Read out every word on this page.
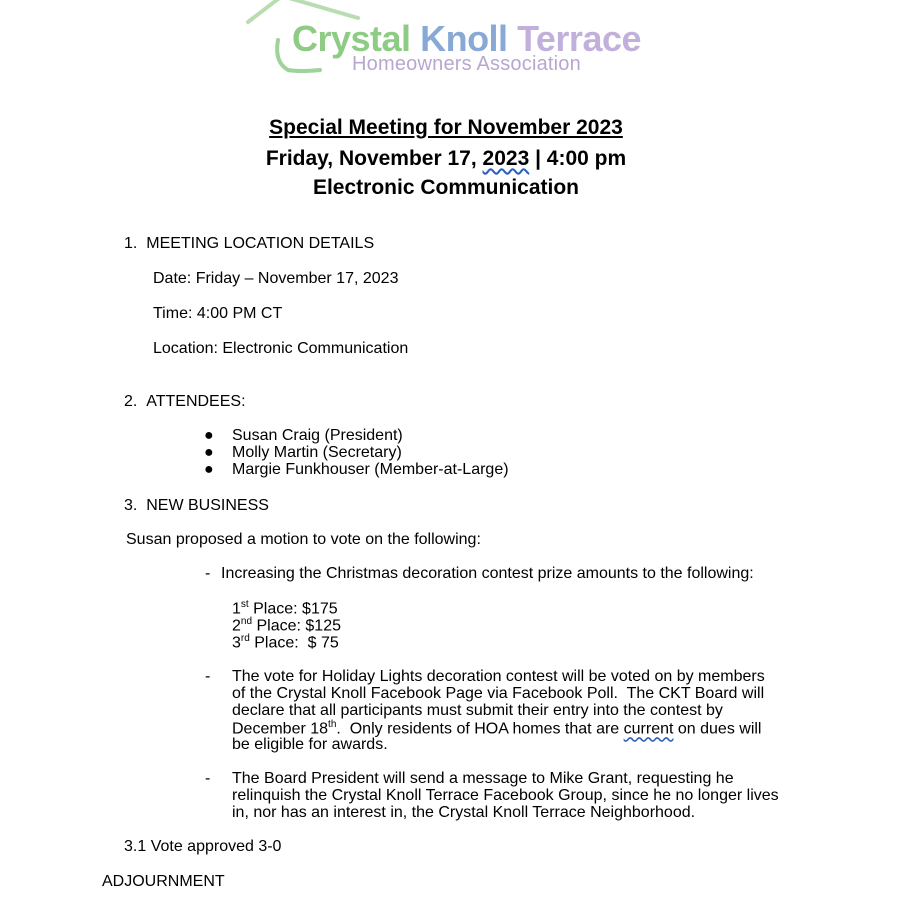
Crystal Knoll Terrace
Homeowners Association
Special Meeting for November 2023
Friday, November 17, 2023 | 4:00 pm
Electronic Communication
1.  MEETING LOCATION DETAILS
Date: Friday – November 17, 2023
Time: 4:00 PM CT
Location: Electronic Communication
2.  ATTENDEES:
● Susan Craig (President)
● Molly Martin (Secretary)
● Margie Funkhouser (Member-at-Large)
3.  NEW BUSINESS
Susan proposed a motion to vote on the following:
- Increasing the Christmas decoration contest prize amounts to the following:
1st Place: $175
2nd Place: $125
3rd Place:  $ 75
- The vote for Holiday Lights decoration contest will be voted on by members
of the Crystal Knoll Facebook Page via Facebook Poll.  The CKT Board will
declare that all participants must submit their entry into the contest by
December 18th.  Only residents of HOA homes that are current on dues will
be eligible for awards.
- The Board President will send a message to Mike Grant, requesting he
relinquish the Crystal Knoll Terrace Facebook Group, since he no longer lives
in, nor has an interest in, the Crystal Knoll Terrace Neighborhood.
3.1 Vote approved 3-0
ADJOURNMENT
